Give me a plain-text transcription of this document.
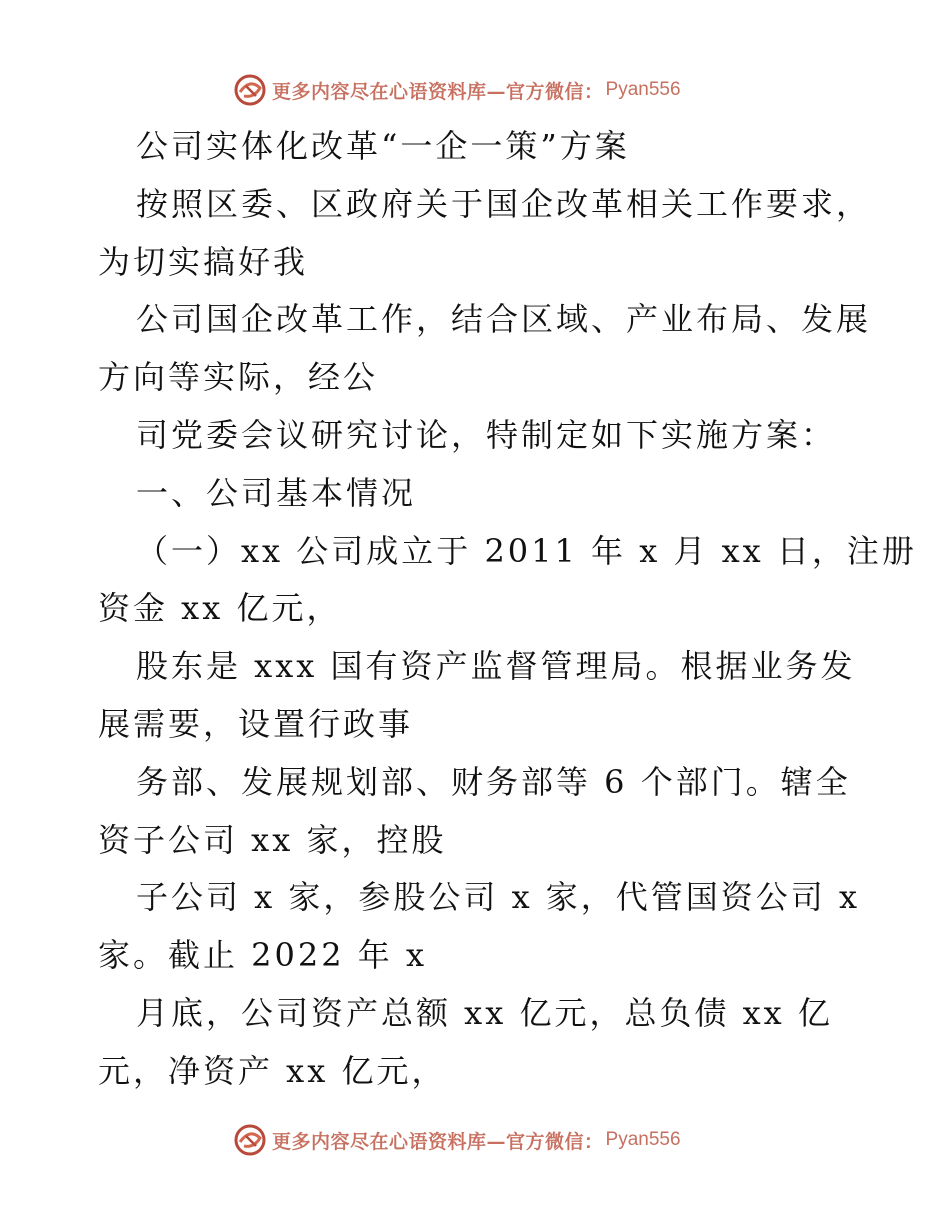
更多内容尽在心语资料库—官方微信： Pyan556
公司实体化改革“一企一策”方案
按照区委、区政府关于国企改革相关工作要求，
为切实搞好我
公司国企改革工作，结合区域、产业布局、发展
方向等实际，经公
司党委会议研究讨论，特制定如下实施方案：
一、公司基本情况
（一）xx 公司成立于 2011 年 x 月 xx 日，注册
资金 xx 亿元，
股东是 xxx 国有资产监督管理局。根据业务发
展需要，设置行政事
务部、发展规划部、财务部等 6 个部门。辖全
资子公司 xx 家，控股
子公司 x 家，参股公司 x 家，代管国资公司 x
家。截止 2022 年 x
月底，公司资产总额 xx 亿元，总负债 xx 亿
元，净资产 xx 亿元，
更多内容尽在心语资料库—官方微信： Pyan556
